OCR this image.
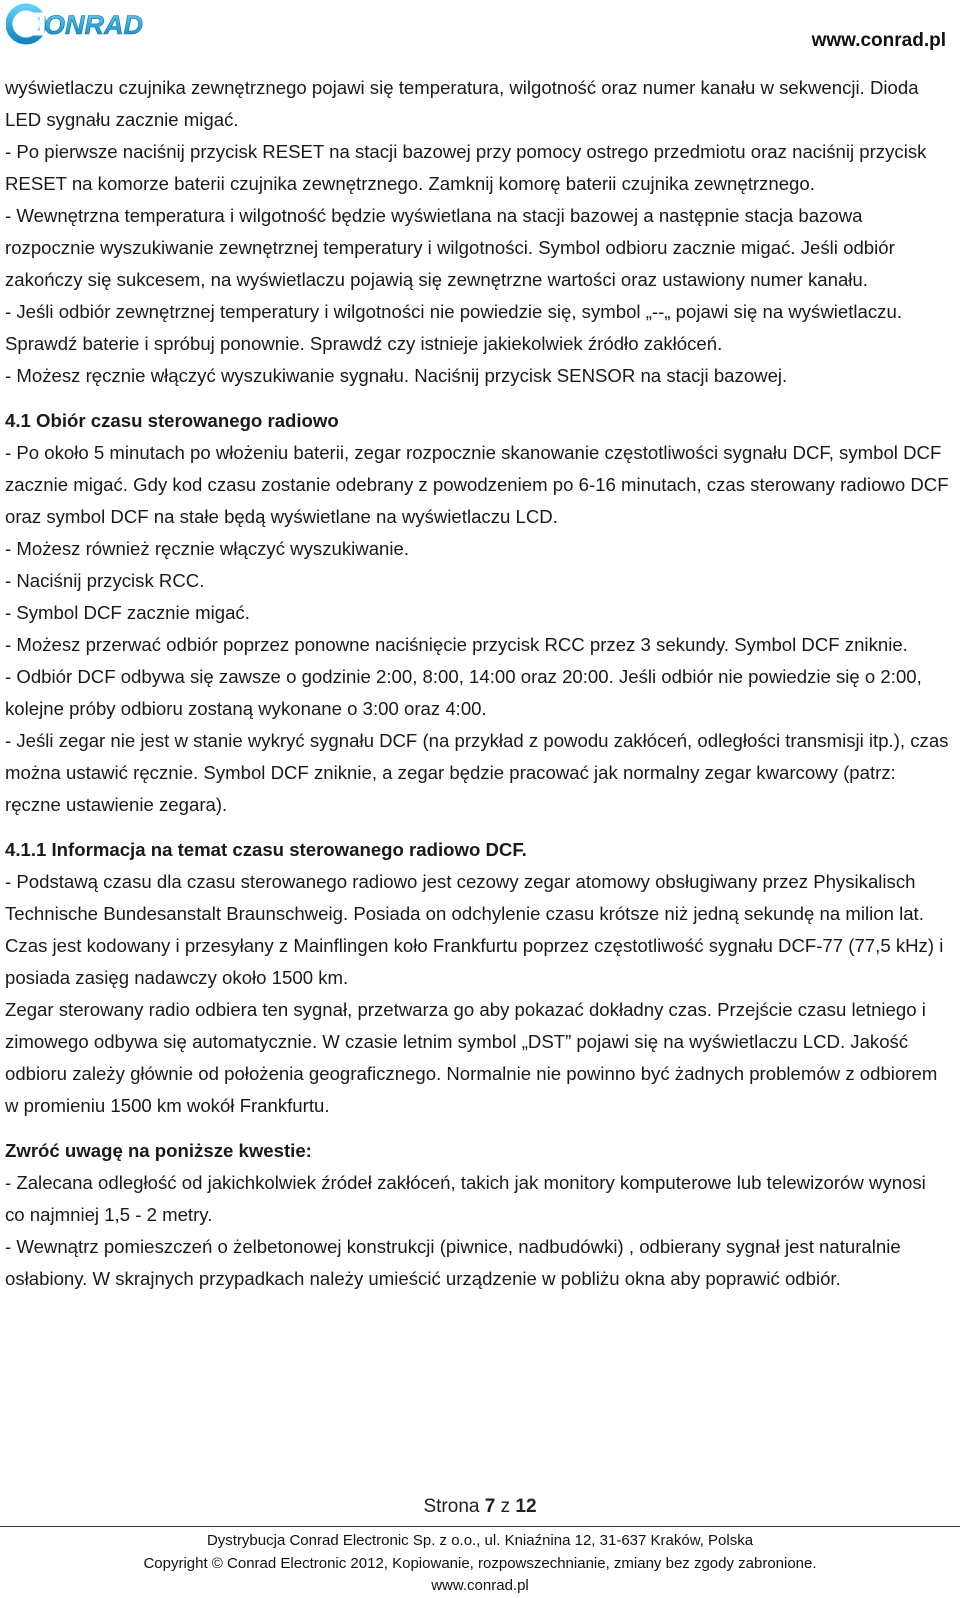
ONRAD
www.conrad.pl

wyświetlaczu czujnika zewnętrznego pojawi się temperatura, wilgotność oraz numer kanału w sekwencji. Dioda LED sygnału zacznie migać.

- Po pierwsze naciśnij przycisk RESET na stacji bazowej przy pomocy ostrego przedmiotu oraz naciśnij przycisk RESET na komorze baterii czujnika zewnętrznego. Zamknij komorę baterii czujnika zewnętrznego.

- Wewnętrzna temperatura i wilgotność będzie wyświetlana na stacji bazowej a następnie stacja bazowa rozpocznie wyszukiwanie zewnętrznej temperatury i wilgotności. Symbol odbioru zacznie migać. Jeśli odbiór zakończy się sukcesem, na wyświetlaczu pojawią się zewnętrzne wartości oraz ustawiony numer kanału.

- Jeśli odbiór zewnętrznej temperatury i wilgotności nie powiedzie się, symbol „--„ pojawi się na wyświetlaczu. Sprawdź baterie i spróbuj ponownie. Sprawdź czy istnieje jakiekolwiek źródło zakłóceń.

- Możesz ręcznie włączyć wyszukiwanie sygnału. Naciśnij przycisk SENSOR na stacji bazowej.

4.1 Obiór czasu sterowanego radiowo

- Po około 5 minutach po włożeniu baterii, zegar rozpocznie skanowanie częstotliwości sygnału DCF, symbol DCF zacznie migać. Gdy kod czasu zostanie odebrany z powodzeniem po 6-16 minutach, czas sterowany radiowo DCF oraz symbol DCF na stałe będą wyświetlane na wyświetlaczu LCD.

- Możesz również ręcznie włączyć wyszukiwanie.

- Naciśnij przycisk RCC.

- Symbol DCF zacznie migać.

- Możesz przerwać odbiór poprzez ponowne naciśnięcie przycisk RCC przez 3 sekundy. Symbol DCF zniknie.

- Odbiór DCF odbywa się zawsze o godzinie 2:00, 8:00, 14:00 oraz 20:00. Jeśli odbiór nie powiedzie się o 2:00, kolejne próby odbioru zostaną wykonane o 3:00 oraz 4:00.

- Jeśli zegar nie jest w stanie wykryć sygnału DCF (na przykład z powodu zakłóceń, odległości transmisji itp.), czas można ustawić ręcznie. Symbol DCF zniknie, a zegar będzie pracować jak normalny zegar kwarcowy (patrz: ręczne ustawienie zegara).

4.1.1 Informacja na temat czasu sterowanego radiowo DCF.

- Podstawą czasu dla czasu sterowanego radiowo jest cezowy zegar atomowy obsługiwany przez Physikalisch Technische Bundesanstalt Braunschweig. Posiada on odchylenie czasu krótsze niż jedną sekundę na milion lat. Czas jest kodowany i przesyłany z Mainflingen koło Frankfurtu poprzez częstotliwość sygnału DCF-77 (77,5 kHz) i posiada zasięg nadawczy około 1500 km.

Zegar sterowany radio odbiera ten sygnał, przetwarza go aby pokazać dokładny czas. Przejście czasu letniego i zimowego odbywa się automatycznie. W czasie letnim symbol „DST” pojawi się na wyświetlaczu LCD. Jakość odbioru zależy głównie od położenia geograficznego. Normalnie nie powinno być żadnych problemów z odbiorem w promieniu 1500 km wokół Frankfurtu.

Zwróć uwagę na poniższe kwestie:

- Zalecana odległość od jakichkolwiek źródeł zakłóceń, takich jak monitory komputerowe lub telewizorów wynosi co najmniej 1,5 - 2 metry.

- Wewnątrz pomieszczeń o żelbetonowej konstrukcji (piwnice, nadbudówki) , odbierany sygnał jest naturalnie osłabiony. W skrajnych przypadkach należy umieścić urządzenie w pobliżu okna aby poprawić odbiór.

Strona 7 z 12
Dystrybucja Conrad Electronic Sp. z o.o., ul. Kniaźnina 12, 31-637 Kraków, Polska
Copyright © Conrad Electronic 2012, Kopiowanie, rozpowszechnianie, zmiany bez zgody zabronione.
www.conrad.pl
